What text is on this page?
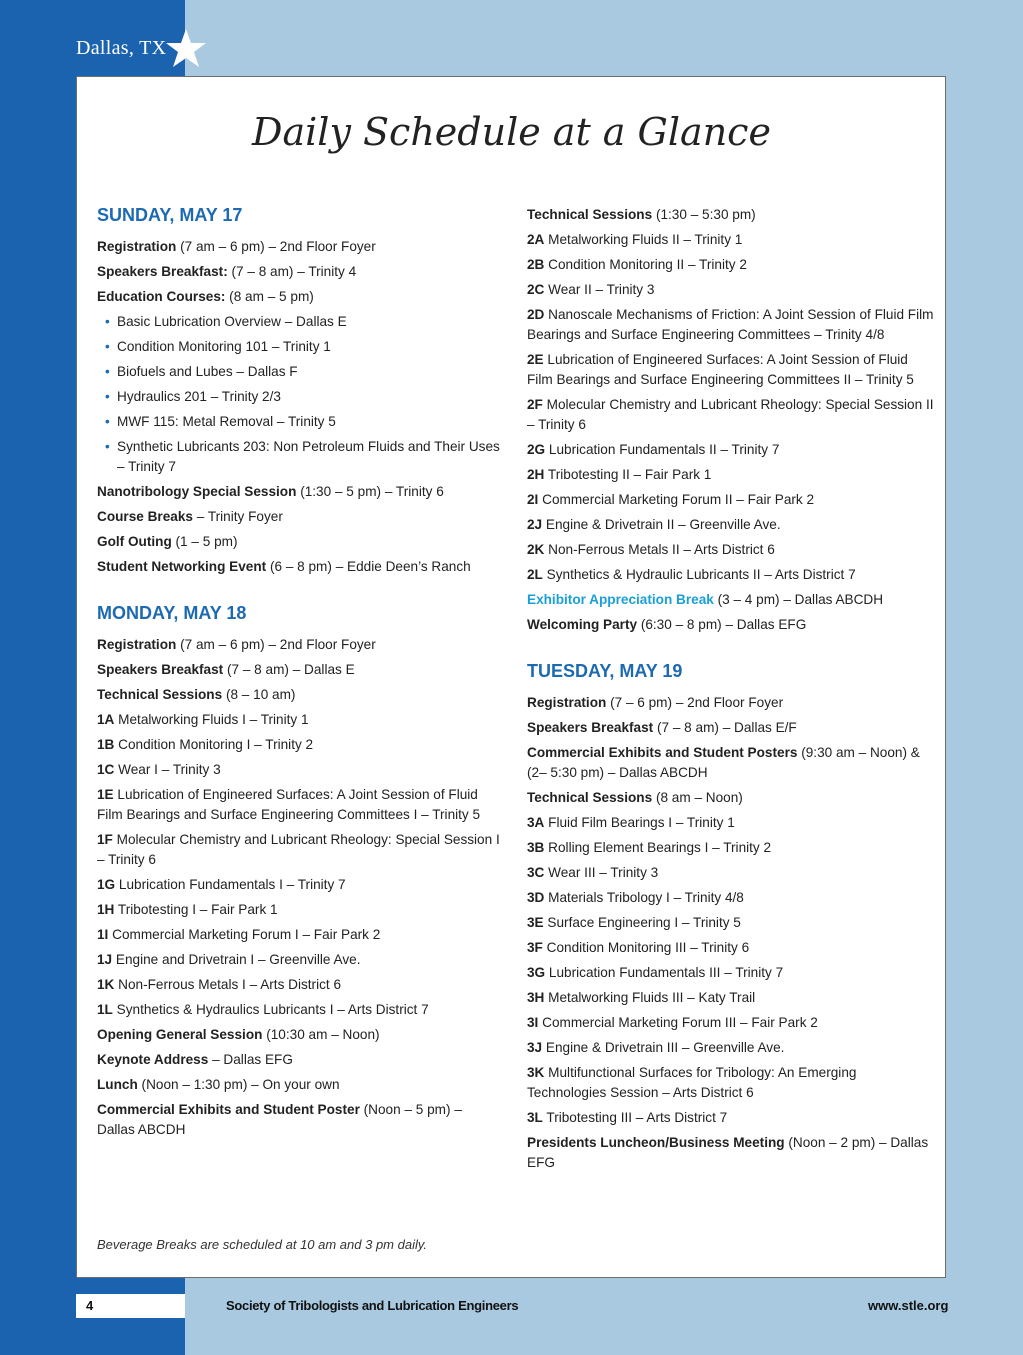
Dallas, TX
Daily Schedule at a Glance
SUNDAY, MAY 17
Registration (7 am – 6 pm) – 2nd Floor Foyer
Speakers Breakfast: (7 – 8 am) – Trinity 4
Education Courses: (8 am – 5 pm)
• Basic Lubrication Overview – Dallas E
• Condition Monitoring 101 – Trinity 1
• Biofuels and Lubes – Dallas F
• Hydraulics 201 – Trinity 2/3
• MWF 115: Metal Removal – Trinity 5
• Synthetic Lubricants 203: Non Petroleum Fluids and Their Uses – Trinity 7
Nanotribology Special Session (1:30 – 5 pm) – Trinity 6
Course Breaks – Trinity Foyer
Golf Outing (1 – 5 pm)
Student Networking Event (6 – 8 pm) – Eddie Deen’s Ranch
MONDAY, MAY 18
Registration (7 am – 6 pm) – 2nd Floor Foyer
Speakers Breakfast (7 – 8 am) – Dallas E
Technical Sessions (8 – 10 am)
1A Metalworking Fluids I – Trinity 1
1B Condition Monitoring I – Trinity 2
1C Wear I – Trinity 3
1E Lubrication of Engineered Surfaces: A Joint Session of Fluid Film Bearings and Surface Engineering Committees I – Trinity 5
1F Molecular Chemistry and Lubricant Rheology: Special Session I – Trinity 6
1G Lubrication Fundamentals I – Trinity 7
1H Tribotesting I – Fair Park 1
1I Commercial Marketing Forum I – Fair Park 2
1J Engine and Drivetrain I – Greenville Ave.
1K Non-Ferrous Metals I – Arts District 6
1L Synthetics & Hydraulics Lubricants I – Arts District 7
Opening General Session (10:30 am – Noon)
Keynote Address – Dallas EFG
Lunch (Noon – 1:30 pm) – On your own
Commercial Exhibits and Student Poster (Noon – 5 pm) – Dallas ABCDH
Technical Sessions (1:30 – 5:30 pm)
2A Metalworking Fluids II – Trinity 1
2B Condition Monitoring II – Trinity 2
2C Wear II – Trinity 3
2D Nanoscale Mechanisms of Friction: A Joint Session of Fluid Film Bearings and Surface Engineering Committees – Trinity 4/8
2E Lubrication of Engineered Surfaces: A Joint Session of Fluid Film Bearings and Surface Engineering Committees II – Trinity 5
2F Molecular Chemistry and Lubricant Rheology: Special Session II – Trinity 6
2G Lubrication Fundamentals II – Trinity 7
2H Tribotesting II – Fair Park 1
2I Commercial Marketing Forum II – Fair Park 2
2J Engine & Drivetrain II – Greenville Ave.
2K Non-Ferrous Metals II – Arts District 6
2L Synthetics & Hydraulic Lubricants II – Arts District 7
Exhibitor Appreciation Break (3 – 4 pm) – Dallas ABCDH
Welcoming Party (6:30 – 8 pm) – Dallas EFG
TUESDAY, MAY 19
Registration (7 – 6 pm) – 2nd Floor Foyer
Speakers Breakfast (7 – 8 am) – Dallas E/F
Commercial Exhibits and Student Posters (9:30 am – Noon) & (2– 5:30 pm) – Dallas ABCDH
Technical Sessions (8 am – Noon)
3A Fluid Film Bearings I – Trinity 1
3B Rolling Element Bearings I – Trinity 2
3C Wear III – Trinity 3
3D Materials Tribology I – Trinity 4/8
3E Surface Engineering I – Trinity 5
3F Condition Monitoring III – Trinity 6
3G Lubrication Fundamentals III – Trinity 7
3H Metalworking Fluids III – Katy Trail
3I Commercial Marketing Forum III – Fair Park 2
3J Engine & Drivetrain III – Greenville Ave.
3K Multifunctional Surfaces for Tribology: An Emerging Technologies Session – Arts District 6
3L Tribotesting III – Arts District 7
Presidents Luncheon/Business Meeting (Noon – 2 pm) – Dallas EFG
Beverage Breaks are scheduled at 10 am and 3 pm daily.
4	Society of Tribologists and Lubrication Engineers	www.stle.org
